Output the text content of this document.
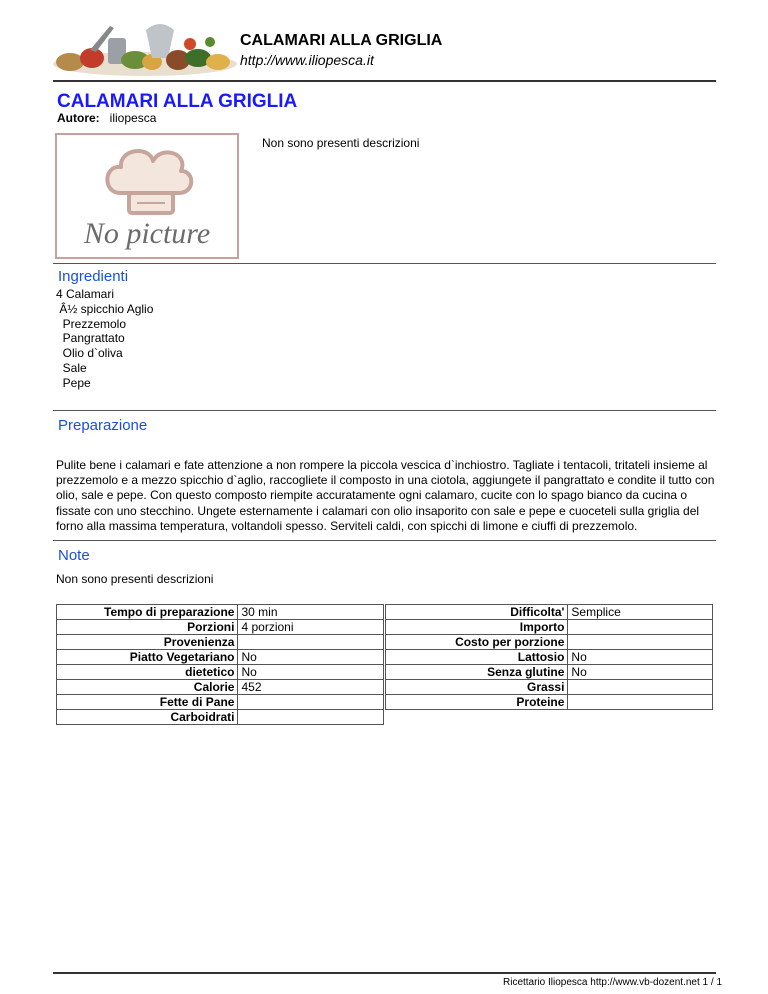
CALAMARI ALLA GRIGLIA
http://www.iliopesca.it
CALAMARI ALLA GRIGLIA
Autore: iliopesca
No picture
Non sono presenti descrizioni
Ingredienti
4 Calamari
Â½ spicchio Aglio
Prezzemolo
Pangrattato
Olio d`oliva
Sale
Pepe
Preparazione
Pulite bene i calamari e fate attenzione a non rompere la piccola vescica d`inchiostro. Tagliate i tentacoli, tritateli insieme al prezzemolo e a mezzo spicchio d`aglio, raccogliete il composto in una ciotola, aggiungete il pangrattato e condite il tutto con olio, sale e pepe. Con questo composto riempite accuratamente ogni calamaro, cucite con lo spago bianco da cucina o fissate con uno stecchino. Ungete esternamente i calamari con olio insaporito con sale e pepe e cuoceteli sulla griglia del forno alla massima temperatura, voltandoli spesso. Serviteli caldi, con spicchi di limone e ciuffi di prezzemolo.
Note
Non sono presenti descrizioni
Tempo di preparazione	30 min
Porzioni	4 porzioni
Provenienza	
Piatto Vegetariano	No
dietetico	No
Calorie	452
Fette di Pane	
Carboidrati	
Difficolta'	Semplice
Importo	
Costo per porzione	
Lattosio	No
Senza glutine	No
Grassi	
Proteine	
Ricettario Iliopesca http://www.vb-dozent.net 1 / 1
